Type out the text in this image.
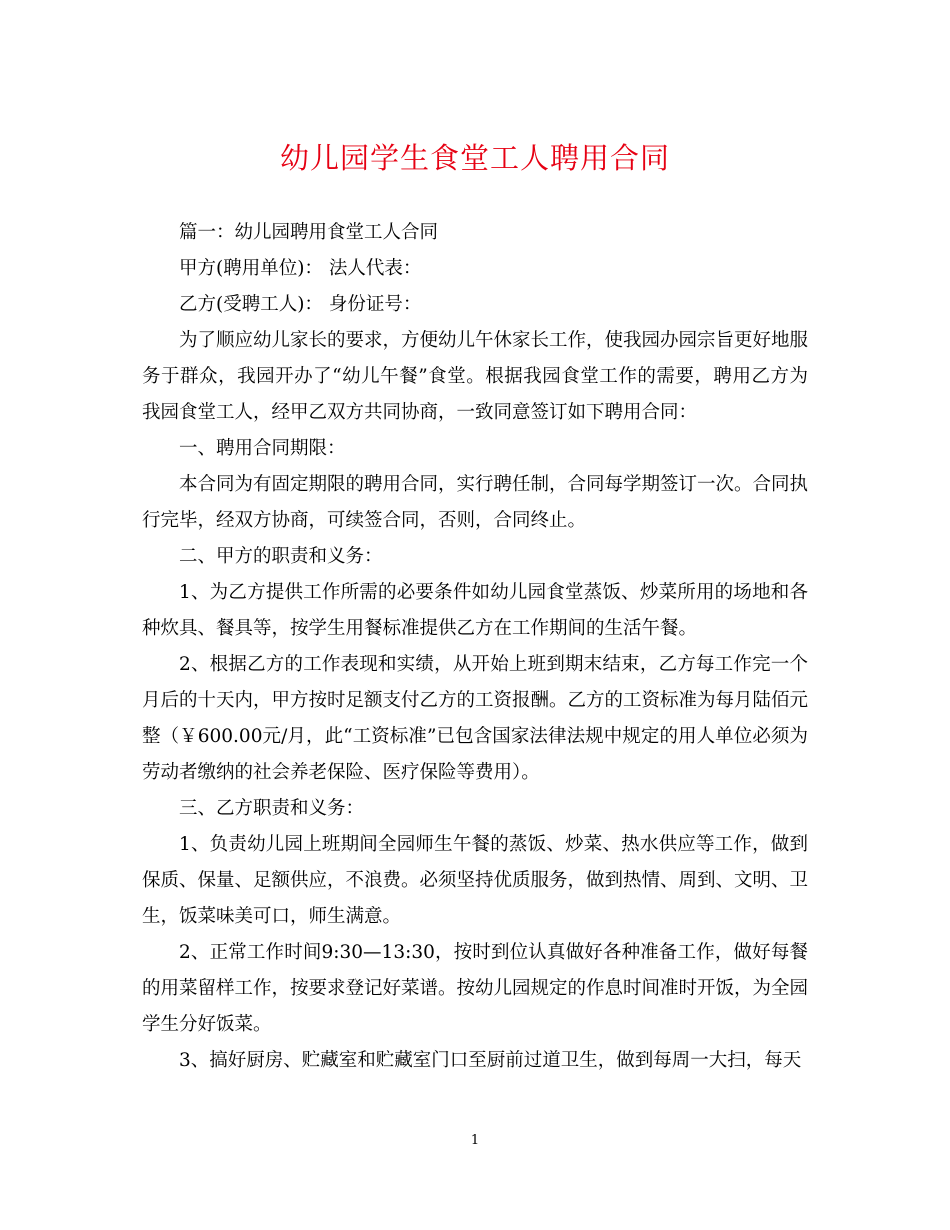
幼儿园学生食堂工人聘用合同

篇一：幼儿园聘用食堂工人合同

甲方(聘用单位)： 法人代表：

乙方(受聘工人)： 身份证号：

为了顺应幼儿家长的要求，方便幼儿午休家长工作，使我园办园宗旨更好地服务于群众，我园开办了“幼儿午餐”食堂。根据我园食堂工作的需要，聘用乙方为我园食堂工人，经甲乙双方共同协商，一致同意签订如下聘用合同：

一、聘用合同期限：

本合同为有固定期限的聘用合同，实行聘任制，合同每学期签订一次。合同执行完毕，经双方协商，可续签合同，否则，合同终止。

二、甲方的职责和义务：

1、为乙方提供工作所需的必要条件如幼儿园食堂蒸饭、炒菜所用的场地和各种炊具、餐具等，按学生用餐标准提供乙方在工作期间的生活午餐。

2、根据乙方的工作表现和实绩，从开始上班到期末结束，乙方每工作完一个月后的十天内，甲方按时足额支付乙方的工资报酬。乙方的工资标准为每月陆佰元整（￥600.00元/月，此“工资标准”已包含国家法律法规中规定的用人单位必须为劳动者缴纳的社会养老保险、医疗保险等费用）。

三、乙方职责和义务：

1、负责幼儿园上班期间全园师生午餐的蒸饭、炒菜、热水供应等工作，做到保质、保量、足额供应，不浪费。必须坚持优质服务，做到热情、周到、文明、卫生，饭菜味美可口，师生满意。

2、正常工作时间9:30—13:30，按时到位认真做好各种准备工作，做好每餐的用菜留样工作，按要求登记好菜谱。按幼儿园规定的作息时间准时开饭，为全园学生分好饭菜。

3、搞好厨房、贮藏室和贮藏室门口至厨前过道卫生，做到每周一大扫，每天

1
